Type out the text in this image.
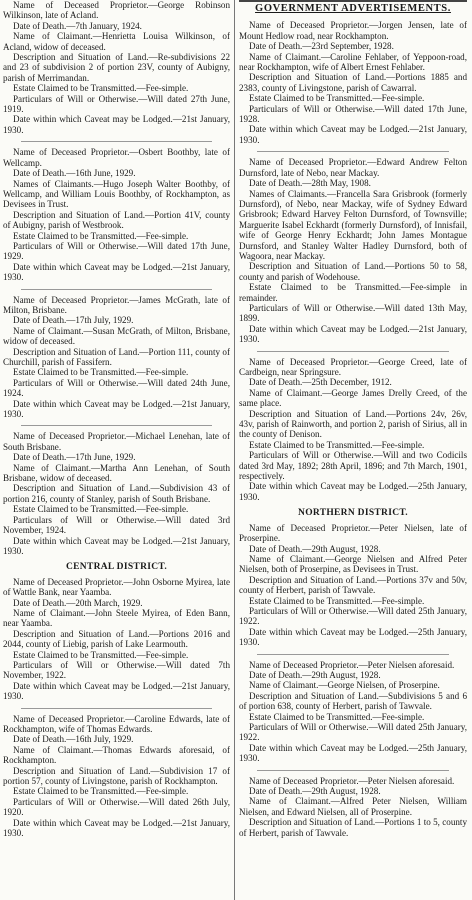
Name of Deceased Proprietor.—George Robinson Wilkinson, late of Acland.

Date of Death.—7th January, 1924.

Name of Claimant.—Henrietta Louisa Wilkinson, of Acland, widow of deceased.

Description and Situation of Land.—Re-subdivisions 22 and 23 of subdivision 2 of portion 23V, county of Aubigny, parish of Merrimandan.

Estate Claimed to be Transmitted.—Fee-simple.

Particulars of Will or Otherwise.—Will dated 27th June, 1919.

Date within which Caveat may be Lodged.—21st January, 1930.

Name of Deceased Proprietor.—Osbert Boothby, late of Wellcamp.

Date of Death.—16th June, 1929.

Names of Claimants.—Hugo Joseph Walter Boothby, of Wellcamp, and William Louis Boothby, of Rockhampton, as Devisees in Trust.

Description and Situation of Land.—Portion 41V, county of Aubigny, parish of Westbrook.

Estate Claimed to be Transmitted.—Fee-simple.

Particulars of Will or Otherwise.—Will dated 17th June, 1929.

Date within which Caveat may be Lodged.—21st January, 1930.

Name of Deceased Proprietor.—James McGrath, late of Milton, Brisbane.

Date of Death.—17th July, 1929.

Name of Claimant.—Susan McGrath, of Milton, Brisbane, widow of deceased.

Description and Situation of Land.—Portion 111, county of Churchill, parish of Fassifern.

Estate Claimed to be Transmitted.—Fee-simple.

Particulars of Will or Otherwise.—Will dated 24th June, 1924.

Date within which Caveat may be Lodged.—21st January, 1930.

Name of Deceased Proprietor.—Michael Lenehan, late of South Brisbane.

Date of Death.—17th June, 1929.

Name of Claimant.—Martha Ann Lenehan, of South Brisbane, widow of deceased.

Description and Situation of Land.—Subdivision 43 of portion 216, county of Stanley, parish of South Brisbane.

Estate Claimed to be Transmitted.—Fee-simple.

Particulars of Will or Otherwise.—Will dated 3rd November, 1924.

Date within which Caveat may be Lodged.—21st January, 1930.

CENTRAL DISTRICT.

Name of Deceased Proprietor.—John Osborne Myirea, late of Wattle Bank, near Yaamba.

Date of Death.—20th March, 1929.

Name of Claimant.—John Steele Myirea, of Eden Bann, near Yaamba.

Description and Situation of Land.—Portions 2016 and 2044, county of Liebig, parish of Lake Learmouth.

Estate Claimed to be Transmitted.—Fee-simple.

Particulars of Will or Otherwise.—Will dated 7th November, 1922.

Date within which Caveat may be Lodged.—21st January, 1930.

Name of Deceased Proprietor.—Caroline Edwards, late of Rockhampton, wife of Thomas Edwards.

Date of Death.—16th July, 1929.

Name of Claimant.—Thomas Edwards aforesaid, of Rockhampton.

Description and Situation of Land.—Subdivision 17 of portion 57, county of Livingstone, parish of Rockhampton.

Estate Claimed to be Transmitted.—Fee-simple.

Particulars of Will or Otherwise.—Will dated 26th July, 1920.

Date within which Caveat may be Lodged.—21st January, 1930.

GOVERNMENT ADVERTISEMENTS.

Name of Deceased Proprietor.—Jorgen Jensen, late of Mount Hedlow road, near Rockhampton.

Date of Death.—23rd September, 1928.

Name of Claimant.—Caroline Fehlaber, of Yeppoon-road, near Rockhampton, wife of Albert Ernest Fehlaber.

Description and Situation of Land.—Portions 1885 and 2383, county of Livingstone, parish of Cawarral.

Estate Claimed to be Transmitted.—Fee-simple.

Particulars of Will or Otherwise.—Will dated 17th June, 1928.

Date within which Caveat may be Lodged.—21st January, 1930.

Name of Deceased Proprietor.—Edward Andrew Felton Durnsford, late of Nebo, near Mackay.

Date of Death.—28th May, 1908.

Names of Claimants.—Francella Sara Grisbrook (formerly Durnsford), of Nebo, near Mackay, wife of Sydney Edward Grisbrook; Edward Harvey Felton Durnsford, of Townsville; Marguerite Isabel Eckhardt (formerly Durnsford), of Innisfail, wife of George Henry Eckhardt; John James Montague Durnsford, and Stanley Walter Hadley Durnsford, both of Wagoora, near Mackay.

Description and Situation of Land.—Portions 50 to 58, county and parish of Wodehouse.

Estate Claimed to be Transmitted.—Fee-simple in remainder.

Particulars of Will or Otherwise.—Will dated 13th May, 1899.

Date within which Caveat may be Lodged.—21st January, 1930.

Name of Deceased Proprietor.—George Creed, late of Cardbeign, near Springsure.

Date of Death.—25th December, 1912.

Name of Claimant.—George James Drelly Creed, of the same place.

Description and Situation of Land.—Portions 24v, 26v, 43v, parish of Rainworth, and portion 2, parish of Sirius, all in the county of Denison.

Estate Claimed to be Transmitted.—Fee-simple.

Particulars of Will or Otherwise.—Will and two Codicils dated 3rd May, 1892; 28th April, 1896; and 7th March, 1901, respectively.

Date within which Caveat may be Lodged.—25th January, 1930.

NORTHERN DISTRICT.

Name of Deceased Proprietor.—Peter Nielsen, late of Proserpine.

Date of Death.—29th August, 1928.

Name of Claimant.—George Nielsen and Alfred Peter Nielsen, both of Proserpine, as Devisees in Trust.

Description and Situation of Land.—Portions 37v and 50v, county of Herbert, parish of Tawvale.

Estate Claimed to be Transmitted.—Fee-simple.

Particulars of Will or Otherwise.—Will dated 25th January, 1922.

Date within which Caveat may be Lodged.—25th January, 1930.

Name of Deceased Proprietor.—Peter Nielsen aforesaid.

Date of Death.—29th August, 1928.

Name of Claimant.—George Nielsen, of Proserpine.

Description and Situation of Land.—Subdivisions 5 and 6 of portion 638, county of Herbert, parish of Tawvale.

Estate Claimed to be Transmitted.—Fee-simple.

Particulars of Will or Otherwise.—Will dated 25th January, 1922.

Date within which Caveat may be Lodged.—25th January, 1930.

Name of Deceased Proprietor.—Peter Nielsen aforesaid.

Date of Death.—29th August, 1928.

Name of Claimant.—Alfred Peter Nielsen, William Nielsen, and Edward Nielsen, all of Proserpine.

Description and Situation of Land.—Portions 1 to 5, county of Herbert, parish of Tawvale.
